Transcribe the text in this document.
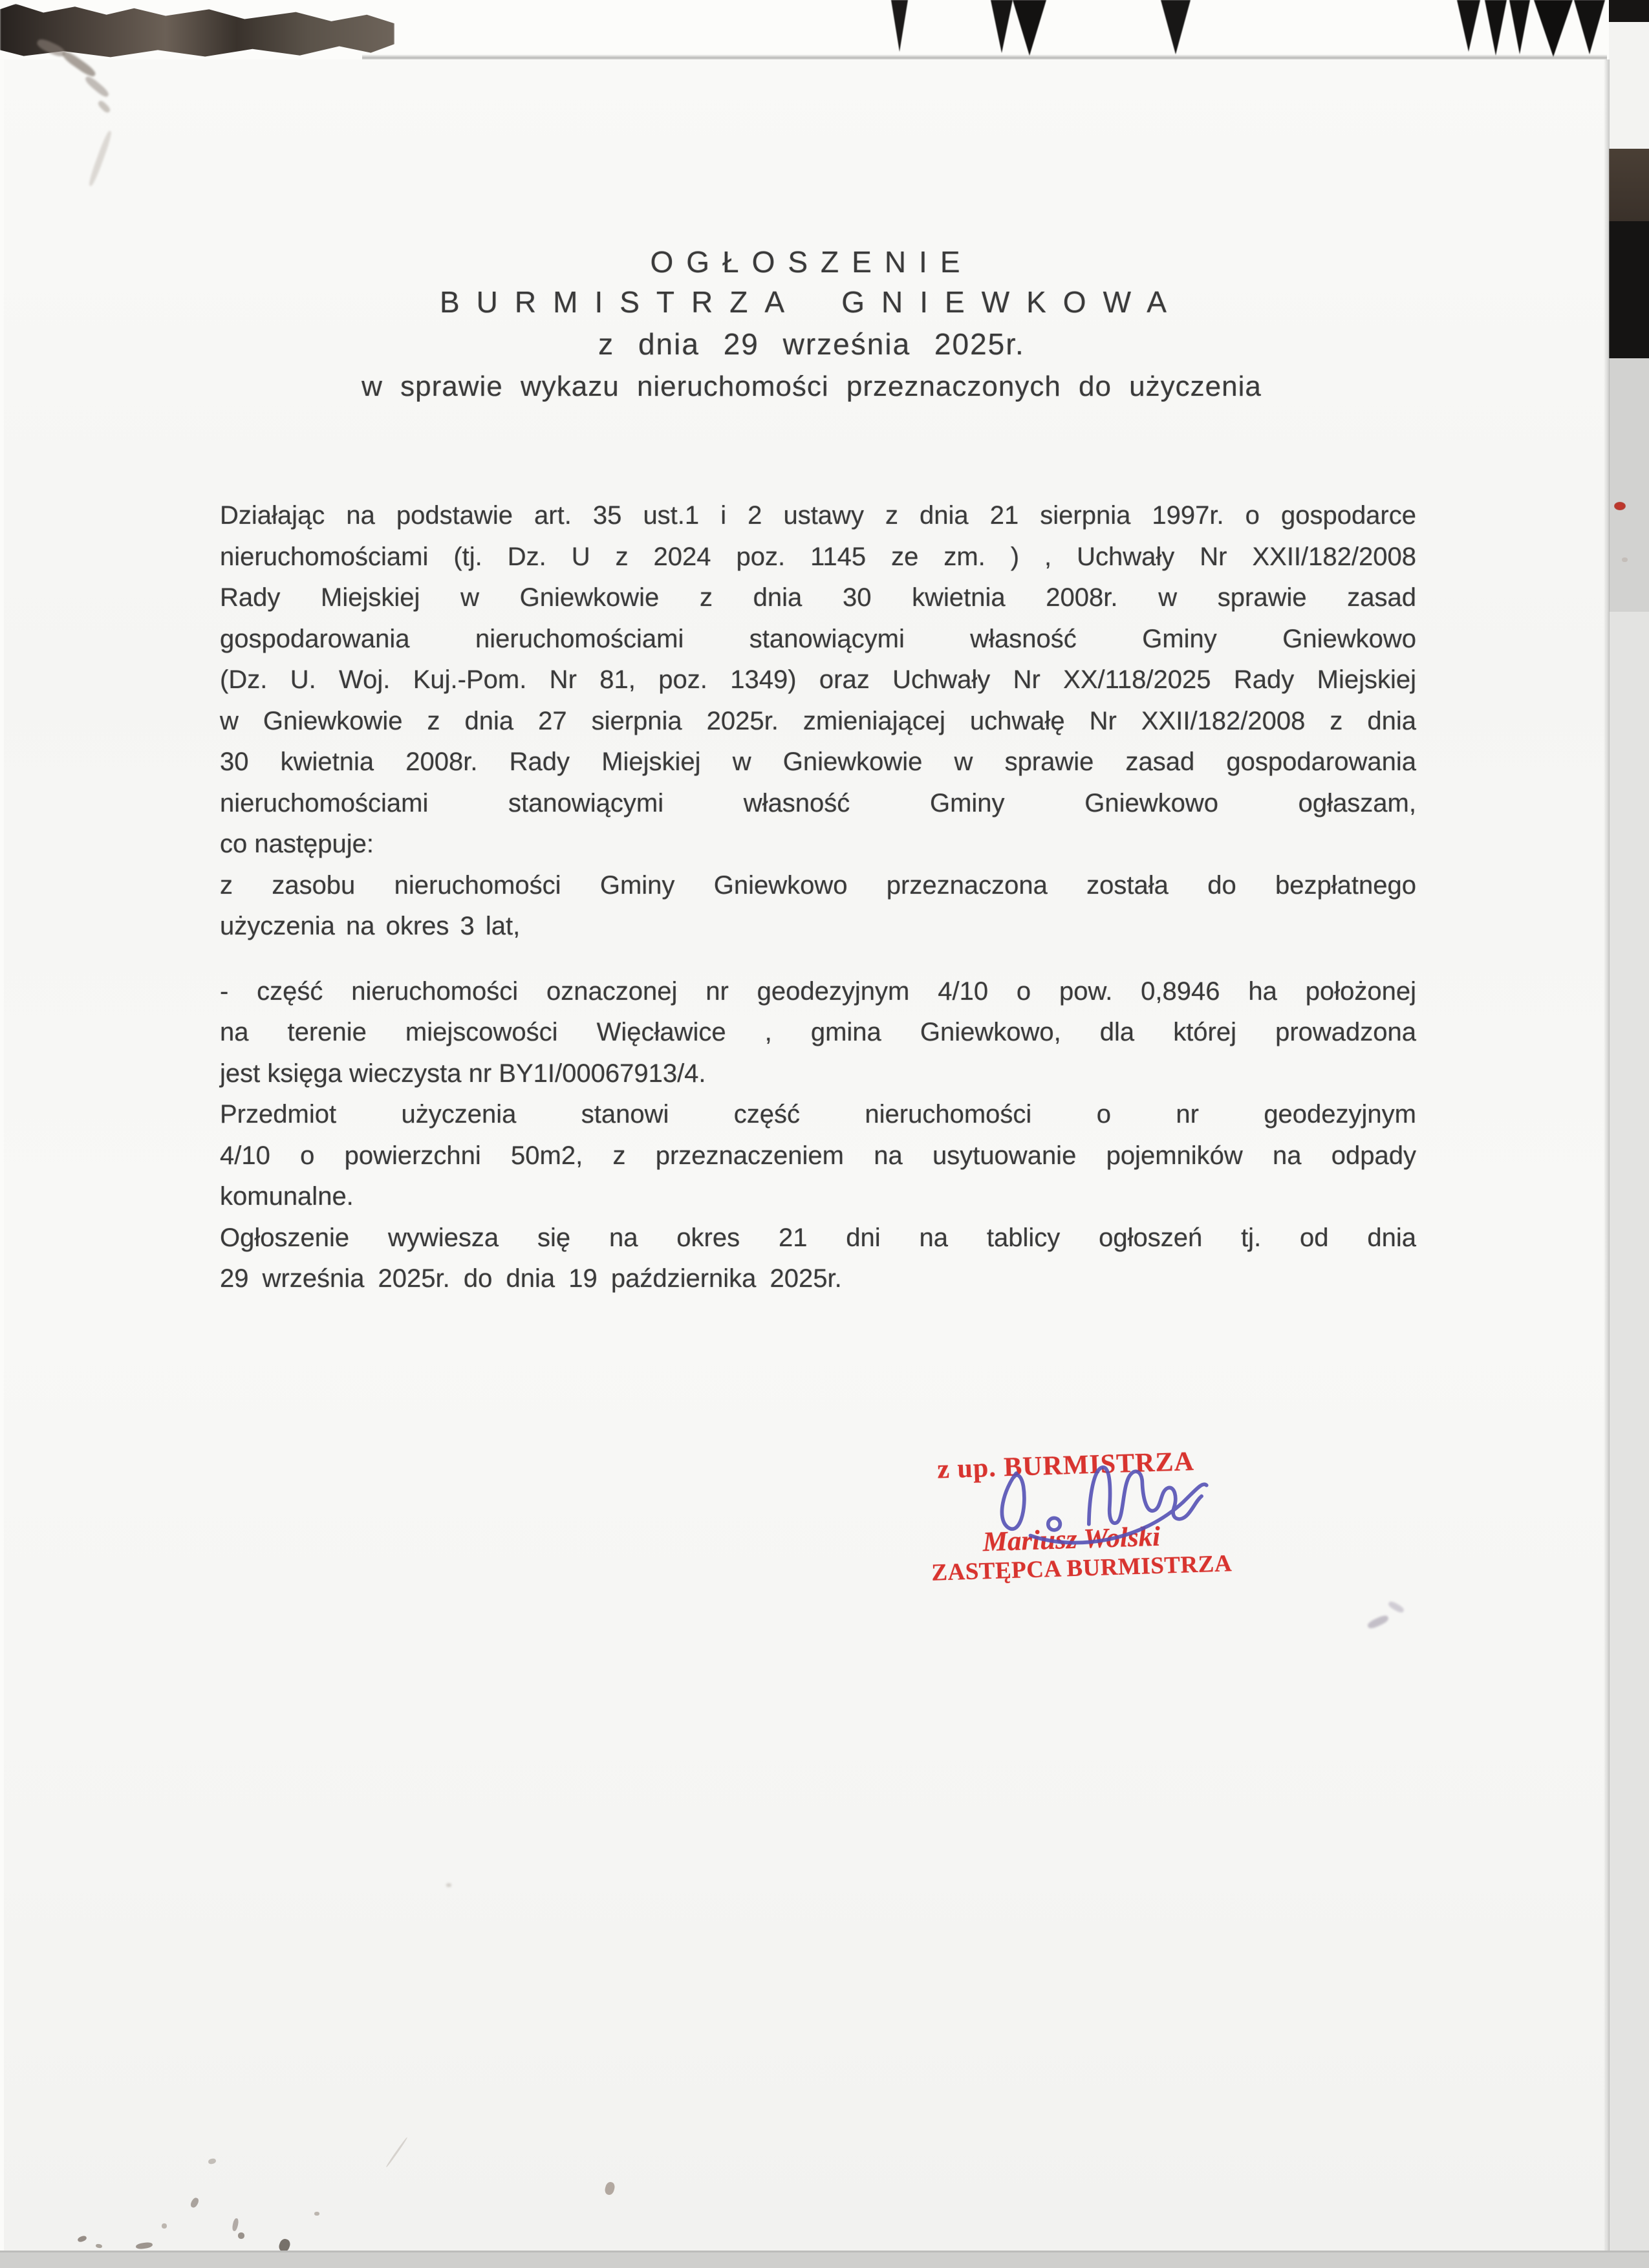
OGŁOSZENIE
BURMISTRZA GNIEWKOWA
z dnia 29 września 2025r.
w sprawie wykazu nieruchomości przeznaczonych do użyczenia
Działając na podstawie art. 35 ust.1 i 2 ustawy z dnia 21 sierpnia 1997r. o gospodarce
nieruchomościami (tj. Dz. U z 2024 poz. 1145 ze zm. ) , Uchwały Nr XXII/182/2008
Rady Miejskiej w Gniewkowie z dnia 30 kwietnia 2008r. w sprawie zasad
gospodarowania nieruchomościami stanowiącymi własność Gminy Gniewkowo
(Dz. U. Woj. Kuj.-Pom. Nr 81, poz. 1349) oraz Uchwały Nr XX/118/2025 Rady Miejskiej
w Gniewkowie z dnia 27 sierpnia 2025r. zmieniającej uchwałę Nr XXII/182/2008 z dnia
30 kwietnia 2008r. Rady Miejskiej w Gniewkowie w sprawie zasad gospodarowania
nieruchomościami stanowiącymi własność Gminy Gniewkowo ogłaszam,
co następuje:
z zasobu nieruchomości Gminy Gniewkowo przeznaczona została do bezpłatnego
użyczenia na okres 3 lat,
- część nieruchomości oznaczonej nr geodezyjnym 4/10 o pow. 0,8946 ha położonej
na terenie miejscowości Więcławice , gmina Gniewkowo, dla której prowadzona
jest księga wieczysta nr BY1I/00067913/4.
Przedmiot użyczenia stanowi część nieruchomości o nr geodezyjnym
4/10 o powierzchni 50m2, z przeznaczeniem na usytuowanie pojemników na odpady
komunalne.
Ogłoszenie wywiesza się na okres 21 dni na tablicy ogłoszeń tj. od dnia
29 września 2025r. do dnia 19 października 2025r.
z up. BURMISTRZA
Mariusz Wolski
ZASTĘPCA BURMISTRZA
